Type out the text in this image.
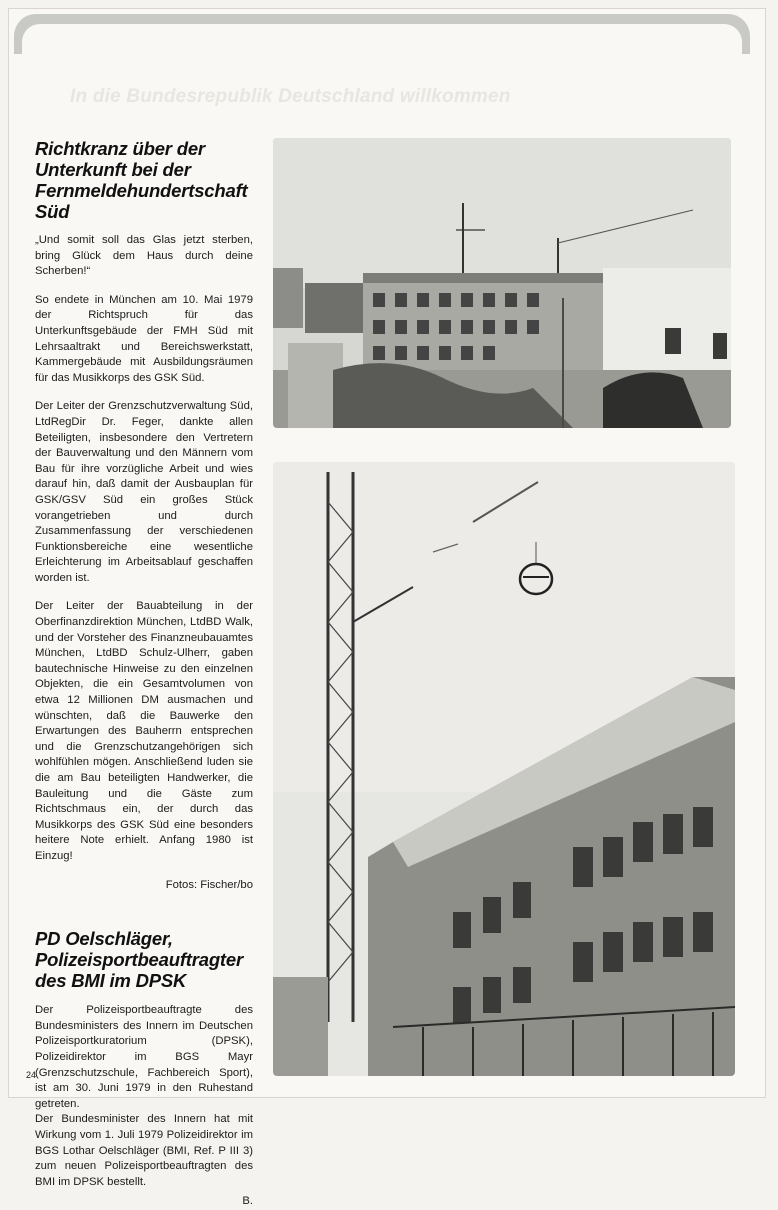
In die Bundesrepublik Deutschland willkommen
Richtkranz über der Unterkunft bei der Fernmeldehundertschaft Süd

„Und somit soll das Glas jetzt sterben, bring Glück dem Haus durch deine Scherben!“

So endete in München am 10. Mai 1979 der Richtspruch für das Unterkunftsgebäude der FMH Süd mit Lehrsaaltrakt und Bereichswerkstatt, Kammergebäude mit Ausbildungsräumen für das Musikkorps des GSK Süd.

Der Leiter der Grenzschutzverwaltung Süd, LtdRegDir Dr. Feger, dankte allen Beteiligten, insbesondere den Vertretern der Bauverwaltung und den Männern vom Bau für ihre vorzügliche Arbeit und wies darauf hin, daß damit der Ausbauplan für GSK/GSV Süd ein großes Stück vorangetrieben und durch Zusammenfassung der verschiedenen Funktionsbereiche eine wesentliche Erleichterung im Arbeitsablauf geschaffen worden ist.

Der Leiter der Bauabteilung in der Oberfinanzdirektion München, LtdBD Walk, und der Vorsteher des Finanzneubauamtes München, LtdBD Schulz-Ulherr, gaben bautechnische Hinweise zu den einzelnen Objekten, die ein Gesamtvolumen von etwa 12 Millionen DM ausmachen und wünschten, daß die Bauwerke den Erwartungen des Bauherrn entsprechen und die Grenzschutzangehörigen sich wohlfühlen mögen. Anschließend luden sie die am Bau beteiligten Handwerker, die Bauleitung und die Gäste zum Richtschmaus ein, der durch das Musikkorps des GSK Süd eine besonders heitere Note erhielt. Anfang 1980 ist Einzug!

Fotos: Fischer/bo

PD Oelschläger, Polizeisportbeauftragter des BMI im DPSK

Der Polizeisportbeauftragte des Bundesministers des Innern im Deutschen Polizeisportkuratorium (DPSK), Polizeidirektor im BGS Mayr (Grenzschutzschule, Fachbereich Sport), ist am 30. Juni 1979 in den Ruhestand getreten.

Der Bundesminister des Innern hat mit Wirkung vom 1. Juli 1979 Polizeidirektor im BGS Lothar Oelschläger (BMI, Ref. P III 3) zum neuen Polizeisportbeauftragten des BMI im DPSK bestellt.

B.

24
